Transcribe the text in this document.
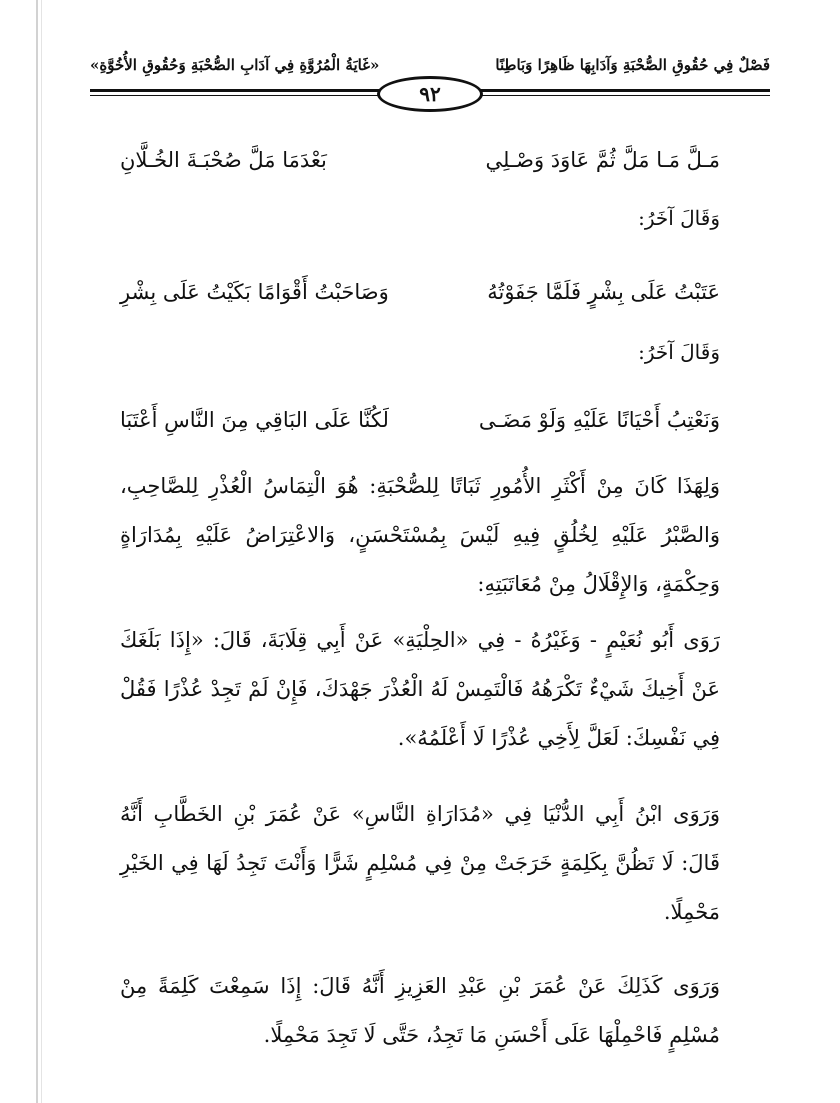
فَصْلٌ فِي حُقُوقِ الصُّحْبَةِ وَآدَابِهَا ظَاهِرًا وَبَاطِنًا
«غَايَةُ الْمُرُوَّةِ فِي آدَابِ الصُّحْبَةِ وَحُقُوقِ الأُخُوَّةِ»
٩٢
مَـلَّ مَـا مَلَّ ثُمَّ عَاوَدَ وَصْـلِي
بَعْدَمَا مَلَّ صُحْبَـةَ الخُـلَّانِ
وَقَالَ آخَرُ:
عَتَبْتُ عَلَى بِشْرٍ فَلَمَّا جَفَوْتُهُ
وَصَاحَبْتُ أَقْوَامًا بَكَيْتُ عَلَى بِشْرِ
وَقَالَ آخَرُ:
وَنَعْتِبُ أَحْيَانًا عَلَيْهِ وَلَوْ مَضَـى
لَكُنَّا عَلَى البَاقِي مِنَ النَّاسِ أَعْتَبَا

وَلِهَذَا كَانَ مِنْ أَكْثَرِ الأُمُورِ ثَبَاتًا لِلصُّحْبَةِ: هُوَ الْتِمَاسُ الْعُذْرِ لِلصَّاحِبِ، وَالصَّبْرُ عَلَيْهِ لِخُلُقٍ فِيهِ لَيْسَ بِمُسْتَحْسَنٍ، وَالاعْتِرَاضُ عَلَيْهِ بِمُدَارَاةٍ وَحِكْمَةٍ، وَالإِقْلَالُ مِنْ مُعَاتَبَتِهِ:

رَوَى أَبُو نُعَيْمٍ - وَغَيْرُهُ - فِي «الحِلْيَةِ» عَنْ أَبِي قِلَابَةَ، قَالَ: «إِذَا بَلَغَكَ عَنْ أَخِيكَ شَيْءٌ تَكْرَهُهُ فَالْتَمِسْ لَهُ الْعُذْرَ جَهْدَكَ، فَإِنْ لَمْ تَجِدْ عُذْرًا فَقُلْ فِي نَفْسِكَ: لَعَلَّ لِأَخِي عُذْرًا لَا أَعْلَمُهُ».

وَرَوَى ابْنُ أَبِي الدُّنْيَا فِي «مُدَارَاةِ النَّاسِ» عَنْ عُمَرَ بْنِ الخَطَّابِ أَنَّهُ قَالَ: لَا تَظُنَّ بِكَلِمَةٍ خَرَجَتْ مِنْ فِي مُسْلِمٍ شَرًّا وَأَنْتَ تَجِدُ لَهَا فِي الخَيْرِ مَحْمِلًا.

وَرَوَى كَذَلِكَ عَنْ عُمَرَ بْنِ عَبْدِ العَزِيزِ أَنَّهُ قَالَ: إِذَا سَمِعْتَ كَلِمَةً مِنْ مُسْلِمٍ فَاحْمِلْهَا عَلَى أَحْسَنِ مَا تَجِدُ، حَتَّى لَا تَجِدَ مَحْمِلًا.
